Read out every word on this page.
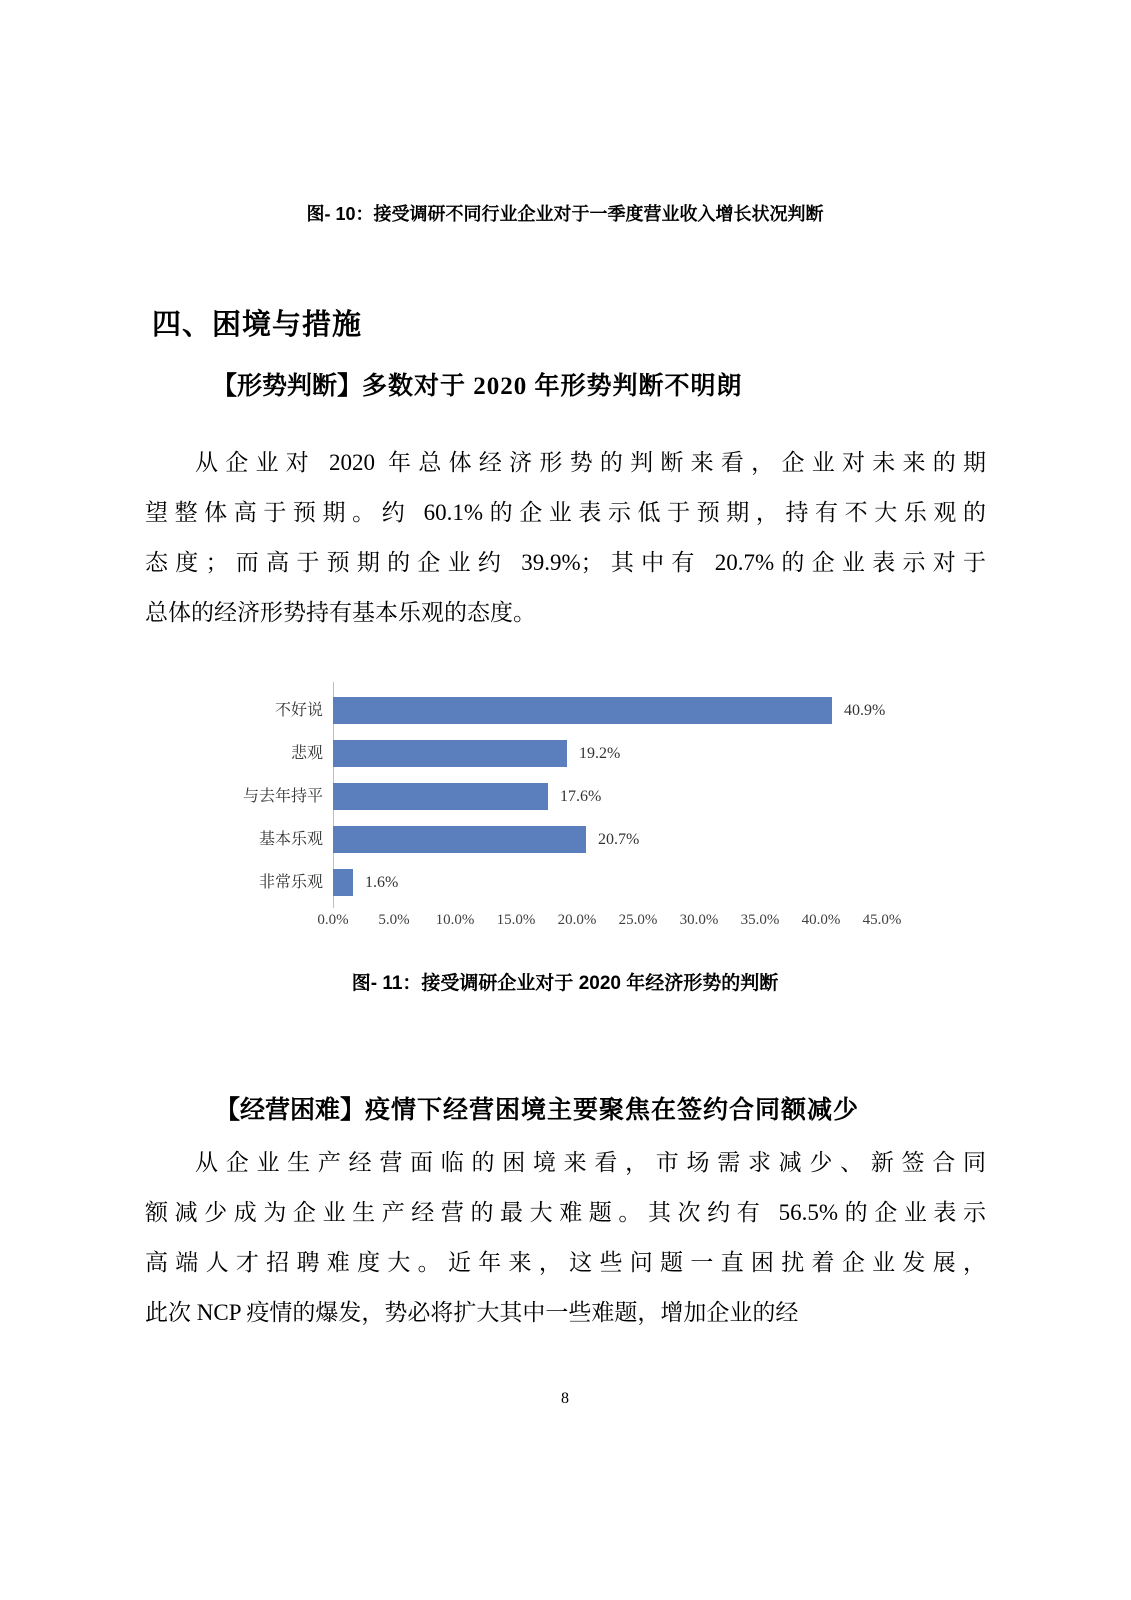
图- 10：接受调研不同行业企业对于一季度营业收入增长状况判断
四、困境与措施
【形势判断】多数对于 2020 年形势判断不明朗
从企业对 2020 年总体经济形势的判断来看，企业对未来的期
望整体高于预期。约 60.1%的企业表示低于预期，持有不大乐观的
态度；而高于预期的企业约 39.9%；其中有 20.7%的企业表示对于
总体的经济形势持有基本乐观的态度。
不好说	40.9%
悲观	19.2%
与去年持平	17.6%
基本乐观	20.7%
非常乐观	1.6%
0.0%	5.0%	10.0%	15.0%	20.0%	25.0%	30.0%	35.0%	40.0%	45.0%
图- 11：接受调研企业对于 2020 年经济形势的判断
【经营困难】疫情下经营困境主要聚焦在签约合同额减少
从企业生产经营面临的困境来看，市场需求减少、新签合同
额减少成为企业生产经营的最大难题。其次约有 56.5%的企业表示
高端人才招聘难度大。近年来，这些问题一直困扰着企业发展，
此次 NCP 疫情的爆发，势必将扩大其中一些难题，增加企业的经
8
